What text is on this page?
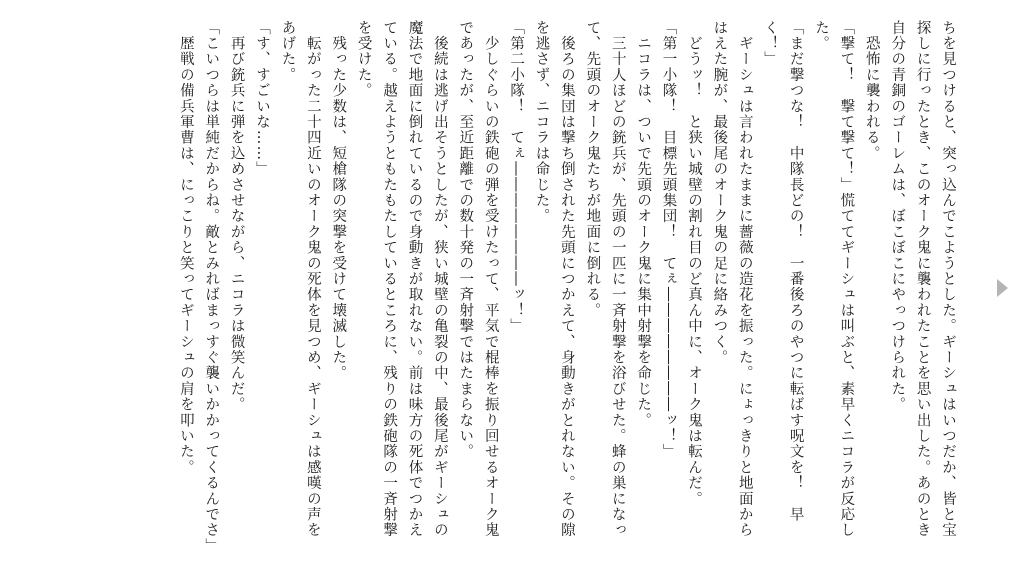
ちを見つけると、突っ込んでこようとした。ギーシュはいつだか、皆と宝

探しに行ったとき、このオーク鬼に襲われたことを思い出した。あのとき

自分の青銅のゴーレムは、ぼこぼこにやっつけられた。

　恐怖に襲われる。

「撃て！　撃て撃て！」慌ててギーシュは叫ぶと、素早くニコラが反応した。

「まだ撃つな！　中隊長どの！　一番後ろのやつに転ばす呪文を！　早

く！」

　ギーシュは言われたままに薔薇の造花を振った。にょっきりと地面から

はえた腕が、最後尾のオーク鬼の足に絡みつく。

　どうッ！　と狭い城壁の割れ目のど真ん中に、オーク鬼は転んだ。

「第一小隊！　目標先頭集団！　てぇ――――――――ッ！」

　ニコラは、ついで先頭のオーク鬼に集中射撃を命じた。

　三十人ほどの銃兵が、先頭の一匹に一斉射撃を浴びせた。蜂の巣になっ

て、先頭のオーク鬼たちが地面に倒れる。

　後ろの集団は撃ち倒された先頭につかえて、身動きがとれない。その隙

を逃さず、ニコラは命じた。

「第二小隊！　てぇ――――――――ッ！」

　少しぐらいの鉄砲の弾を受けたって、平気で棍棒を振り回せるオーク鬼

であったが、至近距離での数十発の一斉射撃ではたまらない。

　後続は逃げ出そうとしたが、狭い城壁の亀裂の中、最後尾がギーシュの

魔法で地面に倒れているので身動きが取れない。前は味方の死体でつかえ

ている。越えようともたもたしているところに、残りの鉄砲隊の一斉射撃

を受けた。

　残った少数は、短槍隊の突撃を受けて壊滅した。

　転がった二十四近いのオーク鬼の死体を見つめ、ギーシュは感嘆の声を

あげた。

「す、すごいな……」

　再び銃兵に弾を込めさせながら、ニコラは微笑んだ。

「こいつらは単純だからね。敵とみればまっすぐ襲いかかってくるんでさ」

　歴戦の備兵軍曹は、にっこりと笑ってギーシュの肩を叩いた。
